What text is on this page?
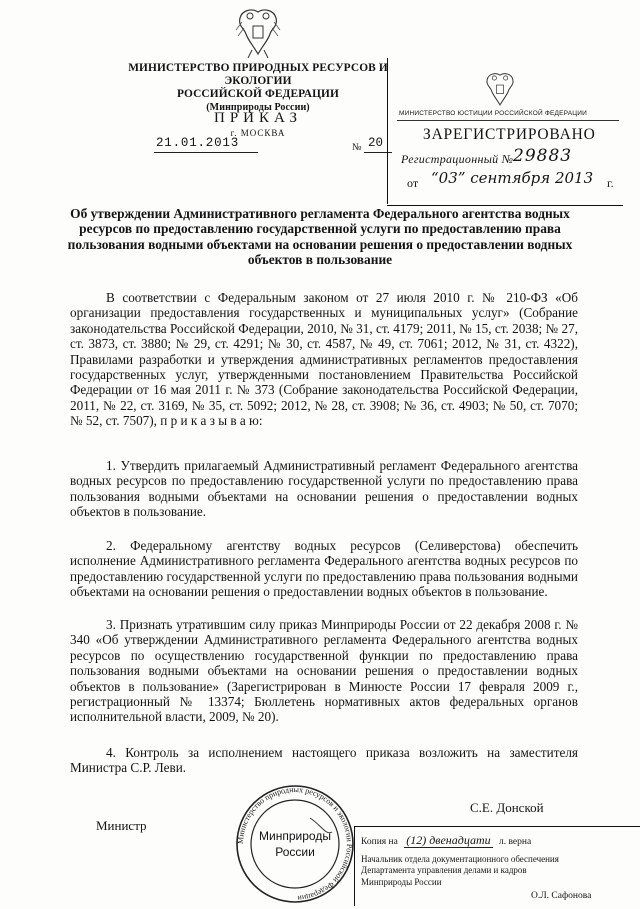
МИНИСТЕРСТВО ПРИРОДНЫХ РЕСУРСОВ И ЭКОЛОГИИ
РОССИЙСКОЙ ФЕДЕРАЦИИ
(Минприроды России)
ПРИКАЗ
г. МОСКВА
21.01.2013	№ 20
МИНИСТЕРСТВО ЮСТИЦИИ РОССИЙСКОЙ ФЕДЕРАЦИИ
ЗАРЕГИСТРИРОВАНО
Регистрационный № 29883
от “03” сентября 2013 г.
Об утверждении Административного регламента Федерального агентства водных ресурсов по предоставлению государственной услуги по предоставлению права пользования водными объектами на основании решения о предоставлении водных объектов в пользование

В соответствии с Федеральным законом от 27 июля 2010 г. № 210-ФЗ «Об организации предоставления государственных и муниципальных услуг» (Собрание законодательства Российской Федерации, 2010, № 31, ст. 4179; 2011, № 15, ст. 2038; № 27, ст. 3873, ст. 3880; № 29, ст. 4291; № 30, ст. 4587, № 49, ст. 7061; 2012, № 31, ст. 4322), Правилами разработки и утверждения административных регламентов предоставления государственных услуг, утвержденными постановлением Правительства Российской Федерации от 16 мая 2011 г. № 373 (Собрание законодательства Российской Федерации, 2011, № 22, ст. 3169, № 35, ст. 5092; 2012, № 28, ст. 3908; № 36, ст. 4903; № 50, ст. 7070; № 52, ст. 7507), п р и к а з ы в а ю:

1. Утвердить прилагаемый Административный регламент Федерального агентства водных ресурсов по предоставлению государственной услуги по предоставлению права пользования водными объектами на основании решения о предоставлении водных объектов в пользование.

2. Федеральному агентству водных ресурсов (Селиверстова) обеспечить исполнение Административного регламента Федерального агентства водных ресурсов по предоставлению государственной услуги по предоставлению права пользования водными объектами на основании решения о предоставлении водных объектов в пользование.

3. Признать утратившим силу приказ Минприроды России от 22 декабря 2008 г. № 340 «Об утверждении Административного регламента Федерального агентства водных ресурсов по осуществлению государственной функции по предоставлению права пользования водными объектами на основании решения о предоставлении водных объектов в пользование» (Зарегистрирован в Минюсте России 17 февраля 2009 г., регистрационный № 13374; Бюллетень нормативных актов федеральных органов исполнительной власти, 2009, № 20).

4. Контроль за исполнением настоящего приказа возложить на заместителя Министра С.Р. Леви.

Министр
С.Е. Донской
Министерство природных ресурсов и экологии Российской Федерации
Минприроды
России
Копия на (12) двенадцати л. верна
Начальник отдела документационного обеспечения
Департамента управления делами и кадров
Минприроды России
О.Л. Сафонова
